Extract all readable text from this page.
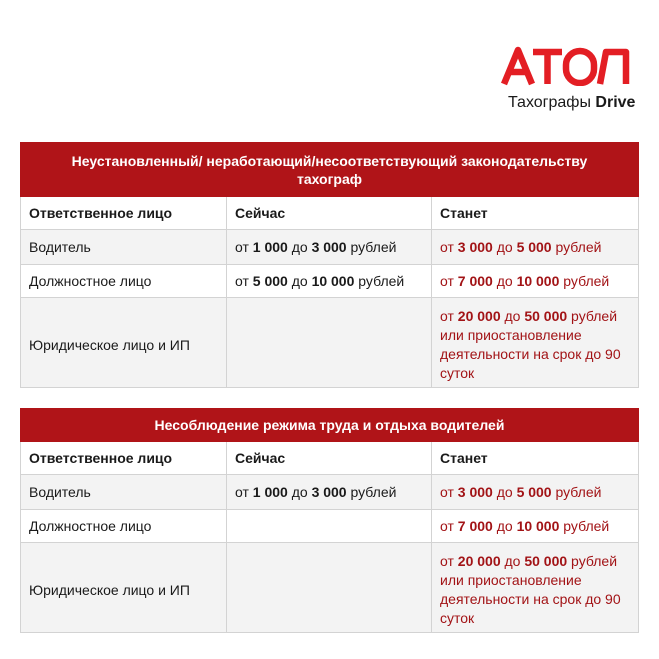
Тахографы Drive
Неустановленный/ неработающий/несоответствующий законодательству тахограф		
Ответственное лицо	Сейчас	Станет
Водитель	от 1 000 до 3 000 рублей	от 3 000 до 5 000 рублей
Должностное лицо	от 5 000 до 10 000 рублей	от 7 000 до 10 000 рублей
Юридическое лицо и ИП		от 20 000 до 50 000 рублей или приостановление деятельности на срок до 90 суток
Несоблюдение режима труда и отдыха водителей		
Ответственное лицо	Сейчас	Станет
Водитель	от 1 000 до 3 000 рублей	от 3 000 до 5 000 рублей
Должностное лицо		от 7 000 до 10 000 рублей
Юридическое лицо и ИП		от 20 000 до 50 000 рублей или приостановление деятельности на срок до 90 суток
